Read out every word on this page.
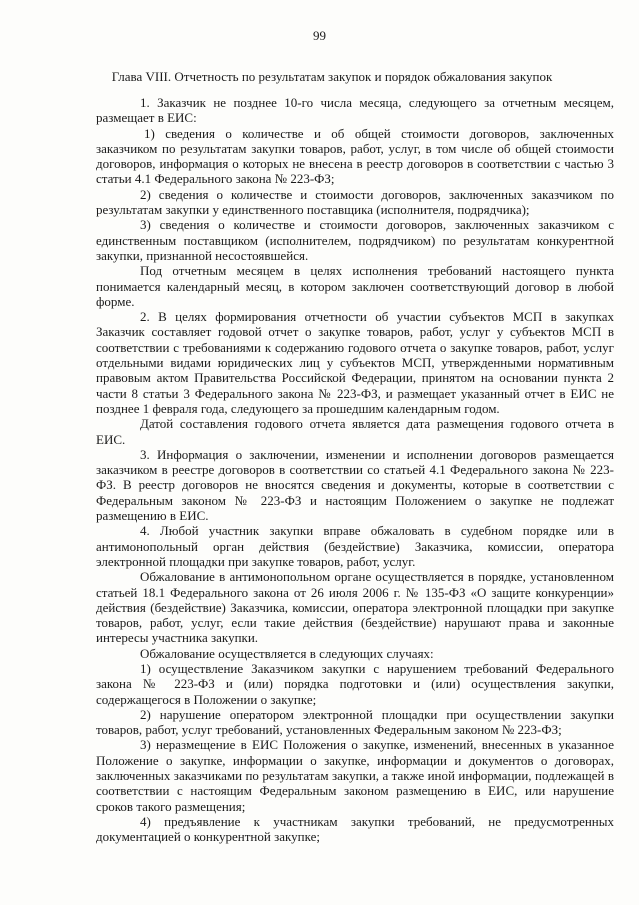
99
Глава VIII. Отчетность по результатам закупок и порядок обжалования закупок

1. Заказчик не позднее 10-го числа месяца, следующего за отчетным месяцем, размещает в ЕИС:

1) сведения о количестве и об общей стоимости договоров, заключенных заказчиком по результатам закупки товаров, работ, услуг, в том числе об общей стоимости договоров, информация о которых не внесена в реестр договоров в соответствии с частью 3 статьи 4.1 Федерального закона № 223-ФЗ;

2) сведения о количестве и стоимости договоров, заключенных заказчиком по результатам закупки у единственного поставщика (исполнителя, подрядчика);

3) сведения о количестве и стоимости договоров, заключенных заказчиком с единственным поставщиком (исполнителем, подрядчиком) по результатам конкурентной закупки, признанной несостоявшейся.

Под отчетным месяцем в целях исполнения требований настоящего пункта понимается календарный месяц, в котором заключен соответствующий договор в любой форме.

2. В целях формирования отчетности об участии субъектов МСП в закупках Заказчик составляет годовой отчет о закупке товаров, работ, услуг у субъектов МСП в соответствии с требованиями к содержанию годового отчета о закупке товаров, работ, услуг отдельными видами юридических лиц у субъектов МСП, утвержденными нормативным правовым актом Правительства Российской Федерации, принятом на основании пункта 2 части 8 статьи 3 Федерального закона № 223-ФЗ, и размещает указанный отчет в ЕИС не позднее 1 февраля года, следующего за прошедшим календарным годом.

Датой составления годового отчета является дата размещения годового отчета в ЕИС.

3. Информация о заключении, изменении и исполнении договоров размещается заказчиком в реестре договоров в соответствии со статьей 4.1 Федерального закона № 223-ФЗ. В реестр договоров не вносятся сведения и документы, которые в соответствии с Федеральным законом № 223-ФЗ и настоящим Положением о закупке не подлежат размещению в ЕИС.

4. Любой участник закупки вправе обжаловать в судебном порядке или в антимонопольный орган действия (бездействие) Заказчика, комиссии, оператора электронной площадки при закупке товаров, работ, услуг.

Обжалование в антимонопольном органе осуществляется в порядке, установленном статьей 18.1 Федерального закона от 26 июля 2006 г. № 135-ФЗ «О защите конкуренции» действия (бездействие) Заказчика, комиссии, оператора электронной площадки при закупке товаров, работ, услуг, если такие действия (бездействие) нарушают права и законные интересы участника закупки.

Обжалование осуществляется в следующих случаях:

1) осуществление Заказчиком закупки с нарушением требований Федерального закона № 223-ФЗ и (или) порядка подготовки и (или) осуществления закупки, содержащегося в Положении о закупке;

2) нарушение оператором электронной площадки при осуществлении закупки товаров, работ, услуг требований, установленных Федеральным законом № 223-ФЗ;

3) неразмещение в ЕИС Положения о закупке, изменений, внесенных в указанное Положение о закупке, информации о закупке, информации и документов о договорах, заключенных заказчиками по результатам закупки, а также иной информации, подлежащей в соответствии с настоящим Федеральным законом размещению в ЕИС, или нарушение сроков такого размещения;

4) предъявление к участникам закупки требований, не предусмотренных документацией о конкурентной закупке;
